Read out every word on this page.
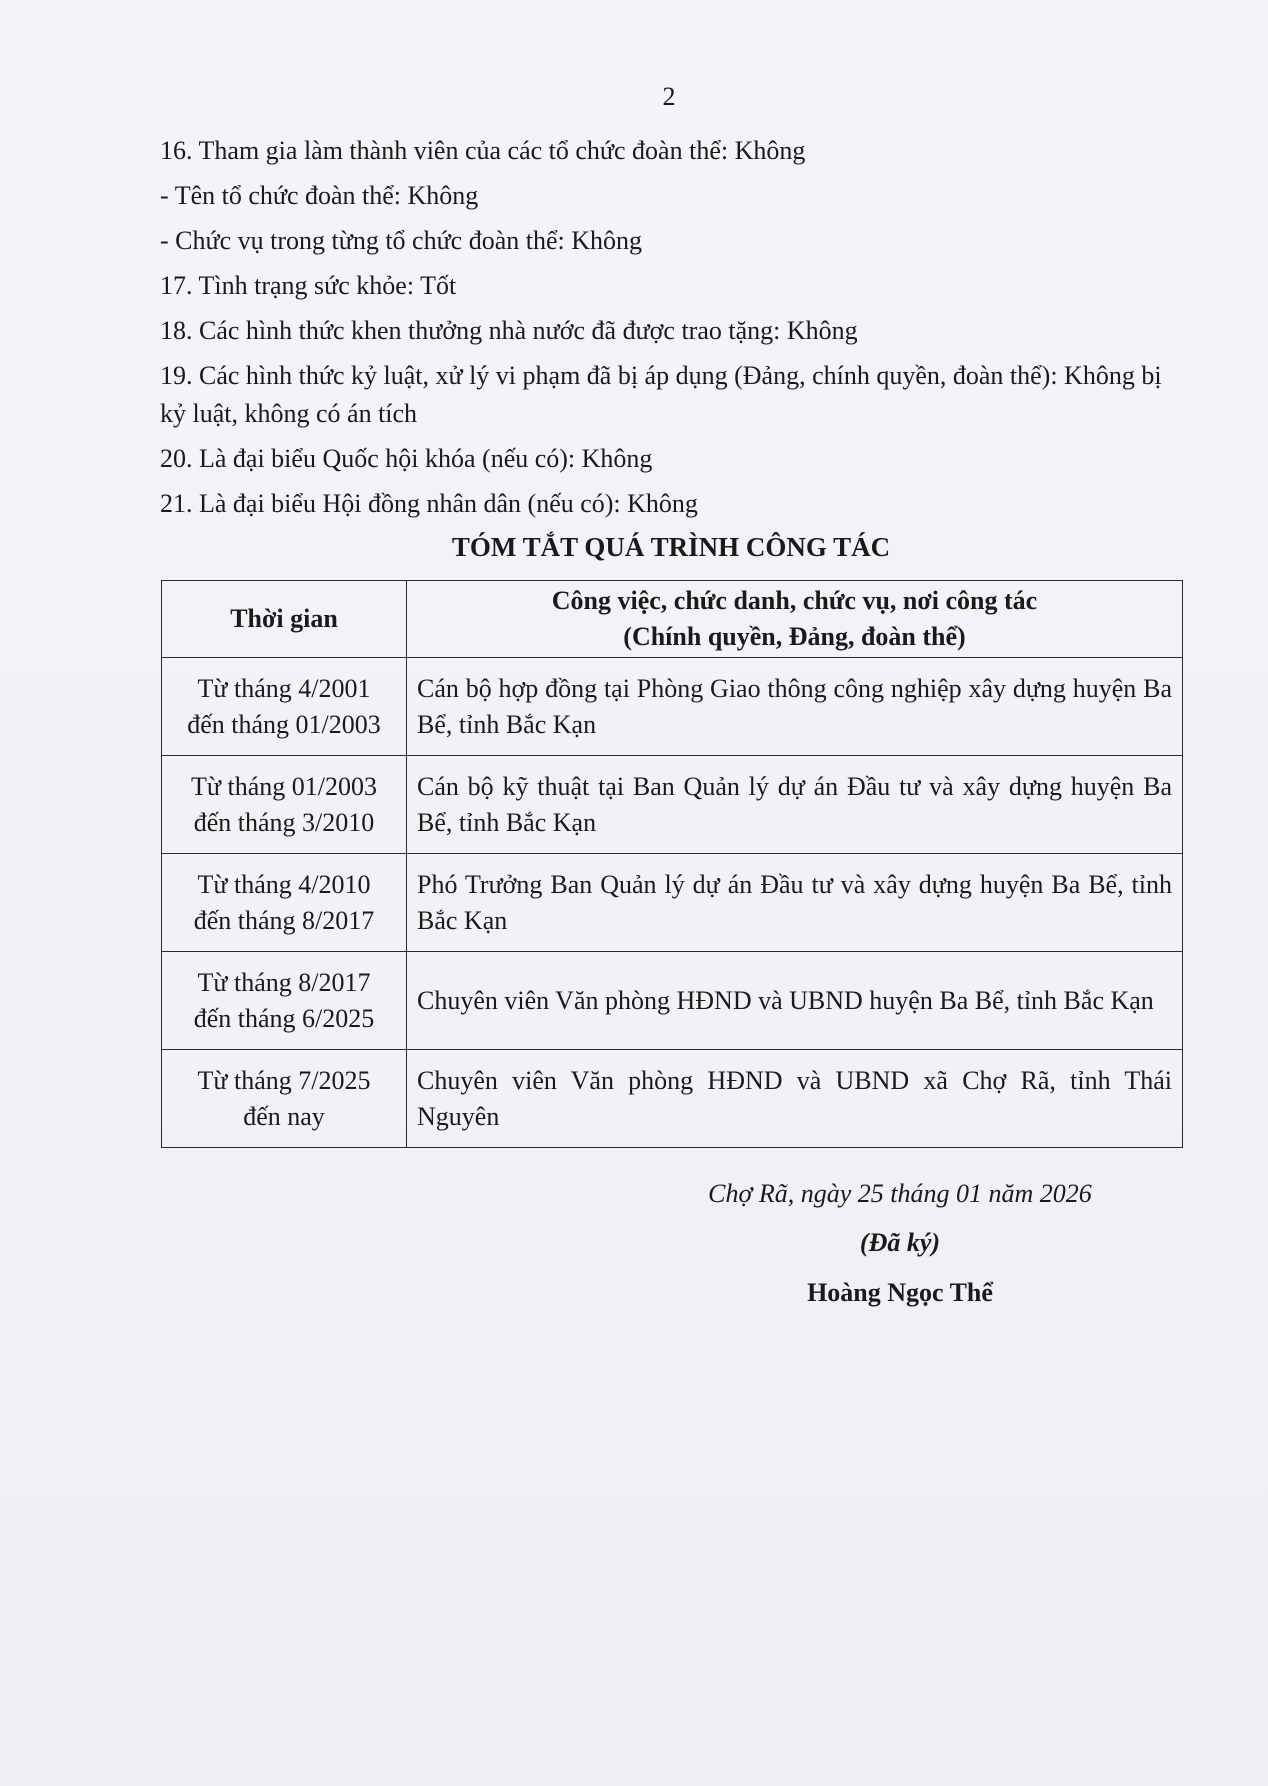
2
16. Tham gia làm thành viên của các tổ chức đoàn thể: Không
- Tên tổ chức đoàn thể: Không
- Chức vụ trong từng tổ chức đoàn thể: Không
17. Tình trạng sức khỏe: Tốt
18. Các hình thức khen thưởng nhà nước đã được trao tặng: Không
19. Các hình thức kỷ luật, xử lý vi phạm đã bị áp dụng (Đảng, chính quyền, đoàn thể): Không bị kỷ luật, không có án tích
20. Là đại biểu Quốc hội khóa (nếu có): Không
21. Là đại biểu Hội đồng nhân dân (nếu có): Không
TÓM TẮT QUÁ TRÌNH CÔNG TÁC
Thời gian	Công việc, chức danh, chức vụ, nơi công tác
(Chính quyền, Đảng, đoàn thể)

Từ tháng 4/2001
đến tháng 01/2003	Cán bộ hợp đồng tại Phòng Giao thông công nghiệp xây dựng huyện Ba Bể, tỉnh Bắc Kạn

Từ tháng 01/2003
đến tháng 3/2010	Cán bộ kỹ thuật tại Ban Quản lý dự án Đầu tư và xây dựng huyện Ba Bể, tỉnh Bắc Kạn

Từ tháng 4/2010
đến tháng 8/2017	Phó Trưởng Ban Quản lý dự án Đầu tư và xây dựng huyện Ba Bể, tỉnh Bắc Kạn

Từ tháng 8/2017
đến tháng 6/2025	Chuyên viên Văn phòng HĐND và UBND huyện Ba Bể, tỉnh Bắc Kạn

Từ tháng 7/2025
đến nay	Chuyên viên Văn phòng HĐND và UBND xã Chợ Rã, tỉnh Thái Nguyên
Chợ Rã, ngày 25 tháng 01 năm 2026
(Đã ký)
Hoàng Ngọc Thể
